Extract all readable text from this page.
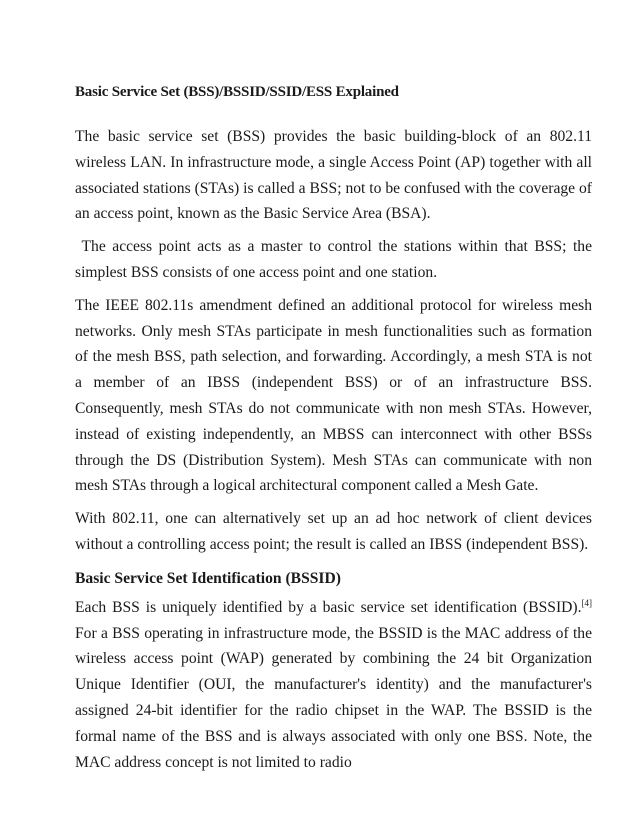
Basic Service Set (BSS)/BSSID/SSID/ESS Explained

The basic service set (BSS) provides the basic building-block of an 802.11 wireless LAN. In infrastructure mode, a single Access Point (AP) together with all associated stations (STAs) is called a BSS; not to be confused with the coverage of an access point, known as the Basic Service Area (BSA).

The access point acts as a master to control the stations within that BSS; the simplest BSS consists of one access point and one station.

The IEEE 802.11s amendment defined an additional protocol for wireless mesh networks. Only mesh STAs participate in mesh functionalities such as formation of the mesh BSS, path selection, and forwarding. Accordingly, a mesh STA is not a member of an IBSS (independent BSS) or of an infrastructure BSS. Consequently, mesh STAs do not communicate with non mesh STAs. However, instead of existing independently, an MBSS can interconnect with other BSSs through the DS (Distribution System). Mesh STAs can communicate with non mesh STAs through a logical architectural component called a Mesh Gate.

With 802.11, one can alternatively set up an ad hoc network of client devices without a controlling access point; the result is called an IBSS (independent BSS).

Basic Service Set Identification (BSSID)

Each BSS is uniquely identified by a basic service set identification (BSSID).[4] For a BSS operating in infrastructure mode, the BSSID is the MAC address of the wireless access point (WAP) generated by combining the 24 bit Organization Unique Identifier (OUI, the manufacturer's identity) and the manufacturer's assigned 24-bit identifier for the radio chipset in the WAP. The BSSID is the formal name of the BSS and is always associated with only one BSS. Note, the MAC address concept is not limited to radio
